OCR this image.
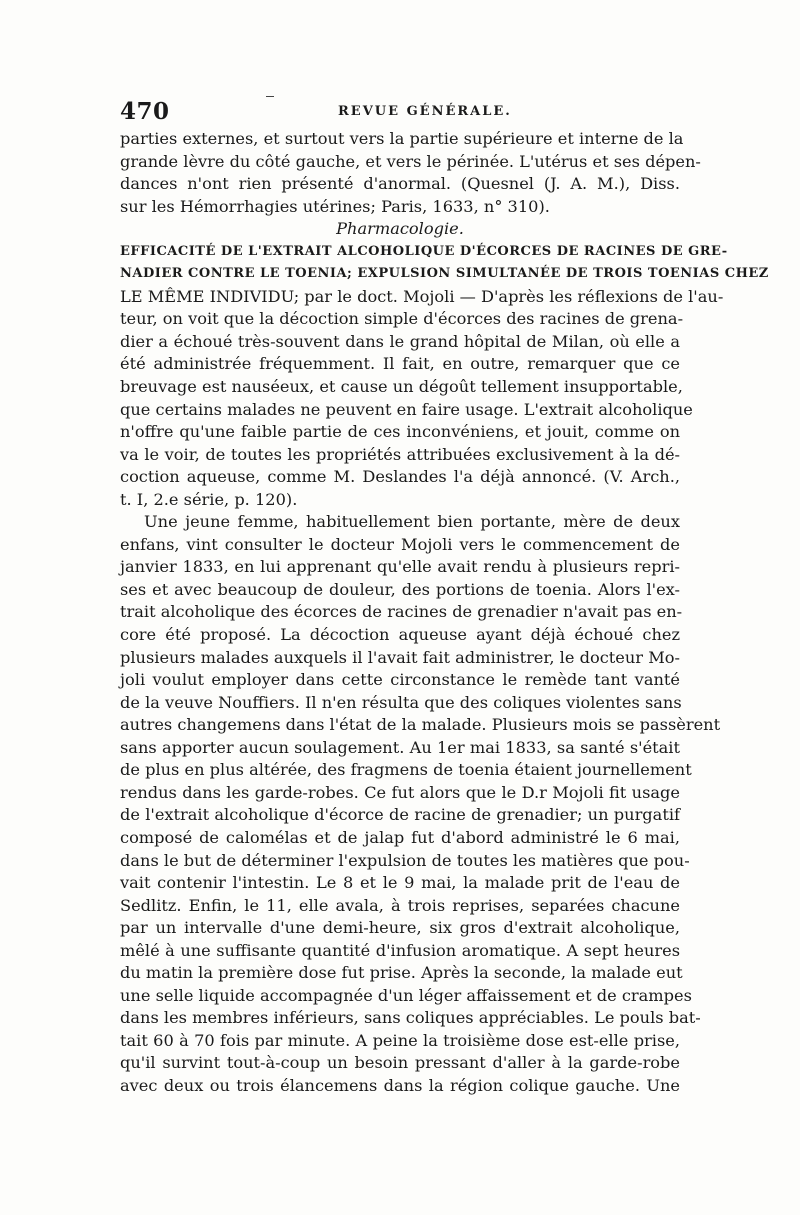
470	REVUE GÉNÉRALE.
parties externes, et surtout vers la partie supérieure et interne de la
grande lèvre du côté gauche, et vers le périnée. L'utérus et ses dépen-
dances n'ont rien présenté d'anormal. (Quesnel (J. A. M.), Diss.
sur les Hémorrhagies utérines; Paris, 1633, n° 310).
Pharmacologie.
EFFICACITÉ DE L'EXTRAIT ALCOHOLIQUE D'ÉCORCES DE RACINES DE GRE-
NADIER CONTRE LE TOENIA; EXPULSION SIMULTANÉE DE TROIS TOENIAS CHEZ
LE MÊME INDIVIDU; par le doct. Mojoli — D'après les réflexions de l'au-
teur, on voit que la décoction simple d'écorces des racines de grena-
dier a échoué très-souvent dans le grand hôpital de Milan, où elle a
été administrée fréquemment. Il fait, en outre, remarquer que ce
breuvage est nauséeux, et cause un dégoût tellement insupportable,
que certains malades ne peuvent en faire usage. L'extrait alcoholique
n'offre qu'une faible partie de ces inconvéniens, et jouit, comme on
va le voir, de toutes les propriétés attribuées exclusivement à la dé-
coction aqueuse, comme M. Deslandes l'a déjà annoncé. (V. Arch.,
t. I, 2.e série, p. 120).
Une jeune femme, habituellement bien portante, mère de deux
enfans, vint consulter le docteur Mojoli vers le commencement de
janvier 1833, en lui apprenant qu'elle avait rendu à plusieurs repri-
ses et avec beaucoup de douleur, des portions de toenia. Alors l'ex-
trait alcoholique des écorces de racines de grenadier n'avait pas en-
core été proposé. La décoction aqueuse ayant déjà échoué chez
plusieurs malades auxquels il l'avait fait administrer, le docteur Mo-
joli voulut employer dans cette circonstance le remède tant vanté
de la veuve Nouffiers. Il n'en résulta que des coliques violentes sans
autres changemens dans l'état de la malade. Plusieurs mois se passèrent
sans apporter aucun soulagement. Au 1er mai 1833, sa santé s'était
de plus en plus altérée, des fragmens de toenia étaient journellement
rendus dans les garde-robes. Ce fut alors que le D.r Mojoli fit usage
de l'extrait alcoholique d'écorce de racine de grenadier; un purgatif
composé de calomélas et de jalap fut d'abord administré le 6 mai,
dans le but de déterminer l'expulsion de toutes les matières que pou-
vait contenir l'intestin. Le 8 et le 9 mai, la malade prit de l'eau de
Sedlitz. Enfin, le 11, elle avala, à trois reprises, separées chacune
par un intervalle d'une demi-heure, six gros d'extrait alcoholique,
mêlé à une suffisante quantité d'infusion aromatique. A sept heures
du matin la première dose fut prise. Après la seconde, la malade eut
une selle liquide accompagnée d'un léger affaissement et de crampes
dans les membres inférieurs, sans coliques appréciables. Le pouls bat-
tait 60 à 70 fois par minute. A peine la troisième dose est-elle prise,
qu'il survint tout-à-coup un besoin pressant d'aller à la garde-robe
avec deux ou trois élancemens dans la région colique gauche. Une
